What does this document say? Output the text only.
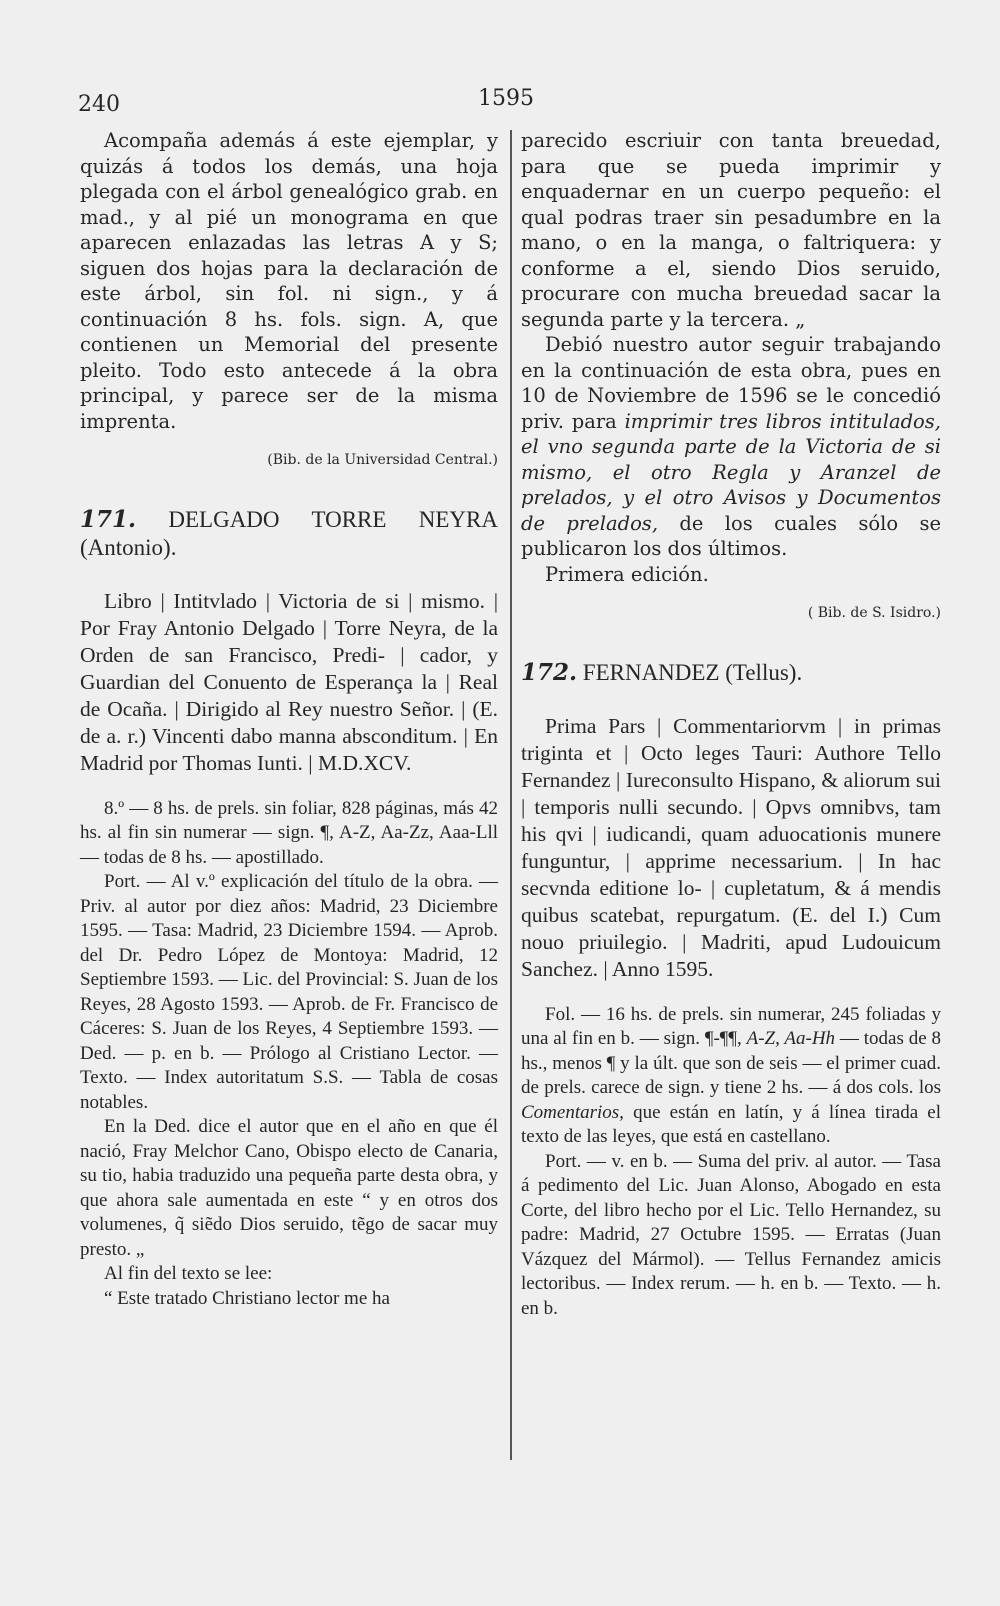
240	1595

Acompaña además á este ejemplar, y quizás á todos los demás, una hoja plegada con el árbol genealógico grab. en mad., y al pié un monograma en que aparecen enlazadas las letras A y S; siguen dos hojas para la declaración de este árbol, sin fol. ni sign., y á continuación 8 hs. fols. sign. A, que contienen un Memorial del presente pleito. Todo esto antecede á la obra principal, y parece ser de la misma imprenta.

(Bib. de la Universidad Central.)

171. DELGADO TORRE NEYRA (Antonio).

Libro | Intitvlado | Victoria de si | mismo. | Por Fray Antonio Delgado | Torre Neyra, de la Orden de san Francisco, Predi- | cador, y Guardian del Conuento de Esperança la | Real de Ocaña. | Dirigido al Rey nuestro Señor. | (E. de a. r.) Vincenti dabo manna absconditum. | En Madrid por Thomas Iunti. | M.D.XCV.

8.º — 8 hs. de prels. sin foliar, 828 páginas, más 42 hs. al fin sin numerar — sign. ¶, A-Z, Aa-Zz, Aaa-Lll — todas de 8 hs. — apostillado.

Port. — Al v.º explicación del título de la obra. — Priv. al autor por diez años: Madrid, 23 Diciembre 1595. — Tasa: Madrid, 23 Diciembre 1594. — Aprob. del Dr. Pedro López de Montoya: Madrid, 12 Septiembre 1593. — Lic. del Provincial: S. Juan de los Reyes, 28 Agosto 1593. — Aprob. de Fr. Francisco de Cáceres: S. Juan de los Reyes, 4 Septiembre 1593. — Ded. — p. en b. — Prólogo al Cristiano Lector. — Texto. — Index autoritatum S.S. — Tabla de cosas notables.

En la Ded. dice el autor que en el año en que él nació, Fray Melchor Cano, Obispo electo de Canaria, su tio, habia traduzido una pequeña parte desta obra, y que ahora sale aumentada en este “ y en otros dos volumenes, q̃ siẽdo Dios seruido, tẽgo de sacar muy presto. „

Al fin del texto se lee:

“ Este tratado Christiano lector me ha

parecido escriuir con tanta breuedad, para que se pueda imprimir y enquadernar en un cuerpo pequeño: el qual podras traer sin pesadumbre en la mano, o en la manga, o faltriquera: y conforme a el, siendo Dios seruido, procurare con mucha breuedad sacar la segunda parte y la tercera. „

Debió nuestro autor seguir trabajando en la continuación de esta obra, pues en 10 de Noviembre de 1596 se le concedió priv. para imprimir tres libros intitulados, el vno segunda parte de la Victoria de si mismo, el otro Regla y Aranzel de prelados, y el otro Avisos y Documentos de prelados, de los cuales sólo se publicaron los dos últimos.

Primera edición.

( Bib. de S. Isidro.)

172. FERNANDEZ (Tellus).

Prima Pars | Commentariorvm | in primas triginta et | Octo leges Tauri: Authore Tello Fernandez | Iureconsulto Hispano, & aliorum sui | temporis nulli secundo. | Opvs omnibvs, tam his qvi | iudicandi, quam aduocationis munere funguntur, | apprime necessarium. | In hac secvnda editione lo- | cupletatum, & á mendis quibus scatebat, repurgatum. (E. del I.) Cum nouo priuilegio. | Madriti, apud Ludouicum Sanchez. | Anno 1595.

Fol. — 16 hs. de prels. sin numerar, 245 foliadas y una al fin en b. — sign. ¶-¶¶, A-Z, Aa-Hh — todas de 8 hs., menos ¶ y la últ. que son de seis — el primer cuad. de prels. carece de sign. y tiene 2 hs. — á dos cols. los Comentarios, que están en latín, y á línea tirada el texto de las leyes, que está en castellano.

Port. — v. en b. — Suma del priv. al autor. — Tasa á pedimento del Lic. Juan Alonso, Abogado en esta Corte, del libro hecho por el Lic. Tello Hernandez, su padre: Madrid, 27 Octubre 1595. — Erratas (Juan Vázquez del Mármol). — Tellus Fernandez amicis lectoribus. — Index rerum. — h. en b. — Texto. — h. en b.
